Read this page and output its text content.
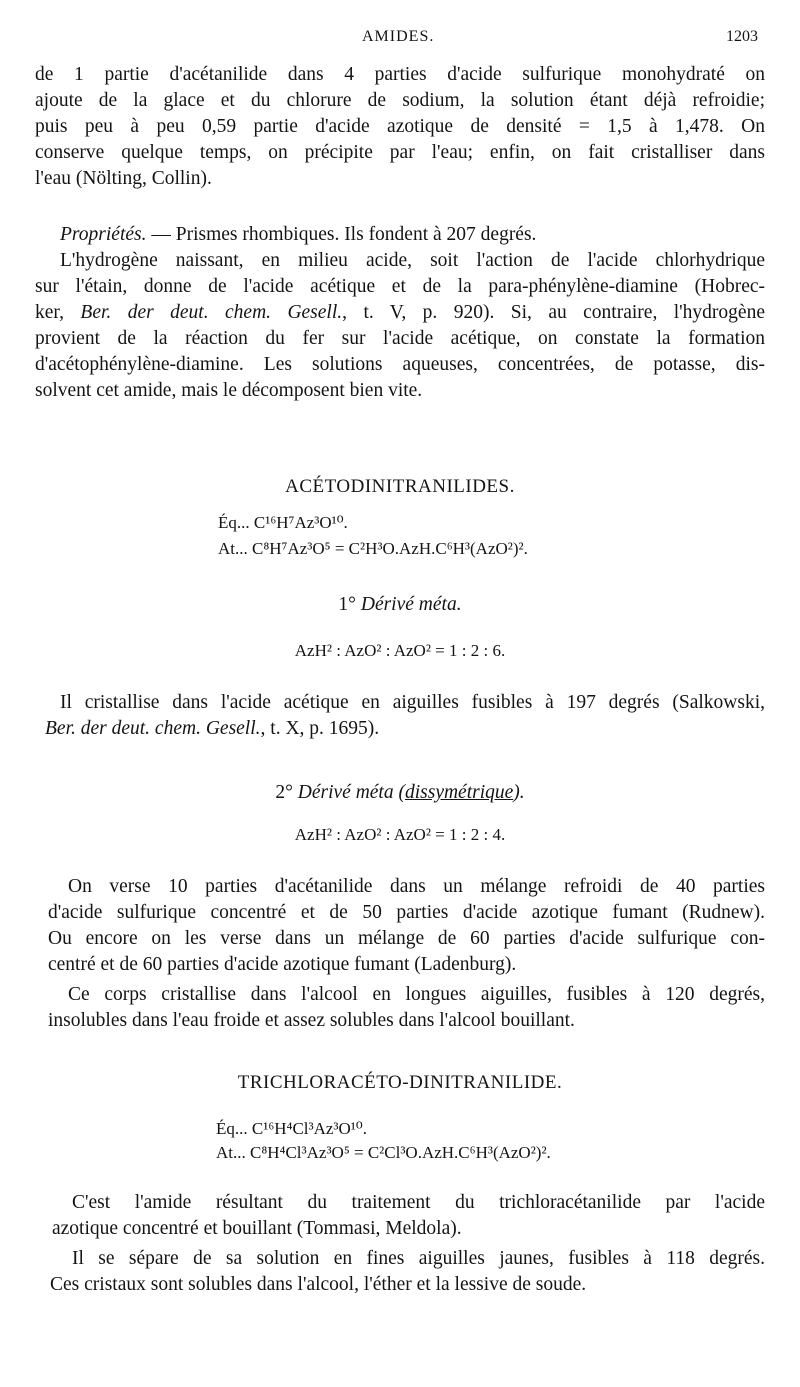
AMIDES.	1203
de 1 partie d'acétanilide dans 4 parties d'acide sulfurique monohydraté on
ajoute de la glace et du chlorure de sodium, la solution étant déjà refroidie;
puis peu à peu 0,59 partie d'acide azotique de densité = 1,5 à 1,478. On
conserve quelque temps, on précipite par l'eau; enfin, on fait cristalliser dans
l'eau (Nölting, Collin).
Propriétés. — Prismes rhombiques. Ils fondent à 207 degrés.
L'hydrogène naissant, en milieu acide, soit l'action de l'acide chlorhydrique
sur l'étain, donne de l'acide acétique et de la para-phénylène-diamine (Hobrec-
ker, Ber. der deut. chem. Gesell., t. V, p. 920). Si, au contraire, l'hydrogène
provient de la réaction du fer sur l'acide acétique, on constate la formation
d'acétophénylène-diamine. Les solutions aqueuses, concentrées, de potasse, dis-
solvent cet amide, mais le décomposent bien vite.
ACÉTODINITRANILIDES.
Éq... C¹⁶H⁷Az³O¹⁰.
At... C⁸H⁷Az³O⁵ = C²H³O.AzH.C⁶H³(AzO²)².
1° Dérivé méta.
AzH² : AzO² : AzO² = 1 : 2 : 6.
Il cristallise dans l'acide acétique en aiguilles fusibles à 197 degrés (Salkowski,
Ber. der deut. chem. Gesell., t. X, p. 1695).
2° Dérivé méta (dissymétrique).
AzH² : AzO² : AzO² = 1 : 2 : 4.
On verse 10 parties d'acétanilide dans un mélange refroidi de 40 parties
d'acide sulfurique concentré et de 50 parties d'acide azotique fumant (Rudnew).
Ou encore on les verse dans un mélange de 60 parties d'acide sulfurique con-
centré et de 60 parties d'acide azotique fumant (Ladenburg).
Ce corps cristallise dans l'alcool en longues aiguilles, fusibles à 120 degrés,
insolubles dans l'eau froide et assez solubles dans l'alcool bouillant.
TRICHLORACÉTO-DINITRANILIDE.
Éq... C¹⁶H⁴Cl³Az³O¹⁰.
At... C⁸H⁴Cl³Az³O⁵ = C²Cl³O.AzH.C⁶H³(AzO²)².
C'est l'amide résultant du traitement du trichloracétanilide par l'acide
azotique concentré et bouillant (Tommasi, Meldola).
Il se sépare de sa solution en fines aiguilles jaunes, fusibles à 118 degrés.
Ces cristaux sont solubles dans l'alcool, l'éther et la lessive de soude.
